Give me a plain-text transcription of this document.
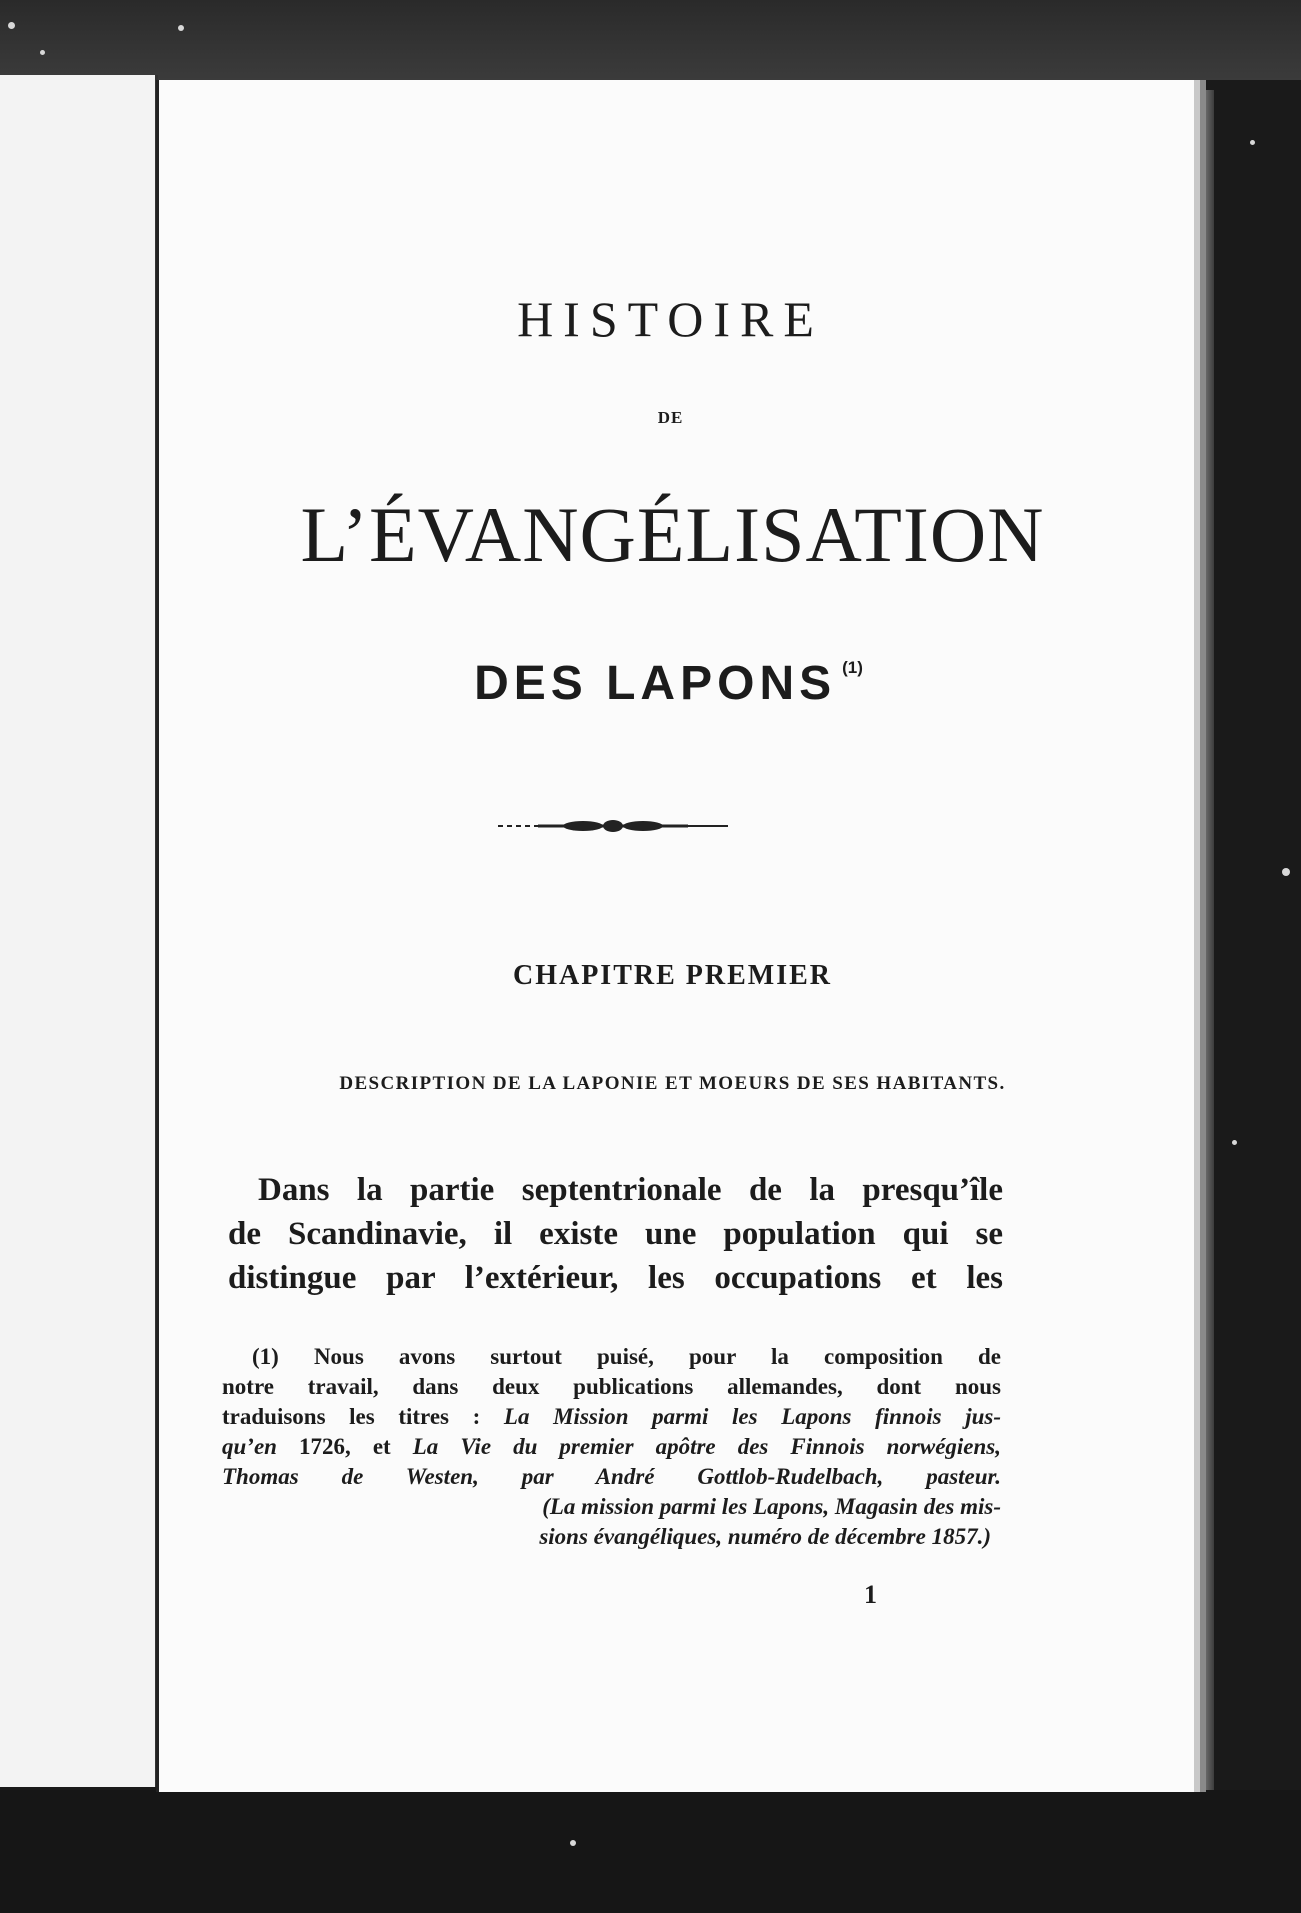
HISTOIRE
DE
L’ÉVANGÉLISATION
DES LAPONS $^{(1)}$
CHAPITRE PREMIER
DESCRIPTION DE LA LAPONIE ET MOEURS DE SES HABITANTS.
Dans la partie septentrionale de la presqu’île
de Scandinavie, il existe une population qui se
distingue par l’extérieur, les occupations et les
(1) Nous avons surtout puisé, pour la composition de
notre travail, dans deux publications allemandes, dont nous
traduisons les titres : La Mission parmi les Lapons finnois jus-
qu’en 1726, et La Vie du premier apôtre des Finnois norwégiens,
Thomas de Westen, par André Gottlob-Rudelbach, pasteur.
(La mission parmi les Lapons, Magasin des mis-
sions évangéliques, numéro de décembre 1857.)
1
